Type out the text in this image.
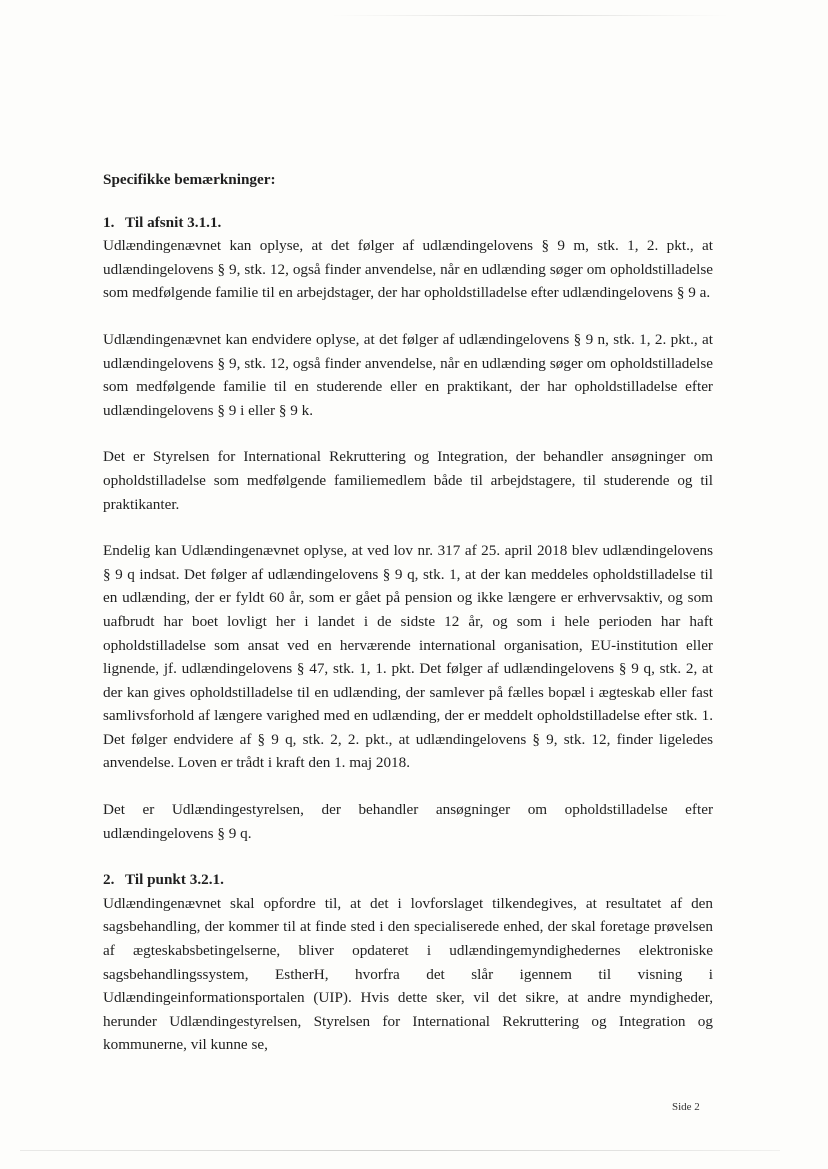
Specifikke bemærkninger:
1. Til afsnit 3.1.1.

Udlændingenævnet kan oplyse, at det følger af udlændingelovens § 9 m, stk. 1, 2. pkt., at udlændingelovens § 9, stk. 12, også finder anvendelse, når en udlænding søger om opholdstilladelse som medfølgende familie til en arbejdstager, der har opholdstilladelse efter udlændingelovens § 9 a.

Udlændingenævnet kan endvidere oplyse, at det følger af udlændingelovens § 9 n, stk. 1, 2. pkt., at udlændingelovens § 9, stk. 12, også finder anvendelse, når en udlænding søger om opholdstilladelse som medfølgende familie til en studerende eller en praktikant, der har opholdstilladelse efter udlændingelovens § 9 i eller § 9 k.

Det er Styrelsen for International Rekruttering og Integration, der behandler ansøgninger om opholdstilladelse som medfølgende familiemedlem både til arbejdstagere, til studerende og til praktikanter.

Endelig kan Udlændingenævnet oplyse, at ved lov nr. 317 af 25. april 2018 blev udlændingelovens § 9 q indsat. Det følger af udlændingelovens § 9 q, stk. 1, at der kan meddeles opholdstilladelse til en udlænding, der er fyldt 60 år, som er gået på pension og ikke længere er erhvervsaktiv, og som uafbrudt har boet lovligt her i landet i de sidste 12 år, og som i hele perioden har haft opholdstilladelse som ansat ved en herværende international organisation, EU-institution eller lignende, jf. udlændingelovens § 47, stk. 1, 1. pkt. Det følger af udlændingelovens § 9 q, stk. 2, at der kan gives opholdstilladelse til en udlænding, der samlever på fælles bopæl i ægteskab eller fast samlivsforhold af længere varighed med en udlænding, der er meddelt opholdstilladelse efter stk. 1. Det følger endvidere af § 9 q, stk. 2, 2. pkt., at udlændingelovens § 9, stk. 12, finder ligeledes anvendelse. Loven er trådt i kraft den 1. maj 2018.

Det er Udlændingestyrelsen, der behandler ansøgninger om opholdstilladelse efter udlændingelovens § 9 q.

2. Til punkt 3.2.1.

Udlændingenævnet skal opfordre til, at det i lovforslaget tilkendegives, at resultatet af den sagsbehandling, der kommer til at finde sted i den specialiserede enhed, der skal foretage prøvelsen af ægteskabsbetingelserne, bliver opdateret i udlændingemyndighedernes elektroniske sagsbehandlingssystem, EstherH, hvorfra det slår igennem til visning i Udlændingeinformationsportalen (UIP). Hvis dette sker, vil det sikre, at andre myndigheder, herunder Udlændingestyrelsen, Styrelsen for International Rekruttering og Integration og kommunerne, vil kunne se,

Side 2
